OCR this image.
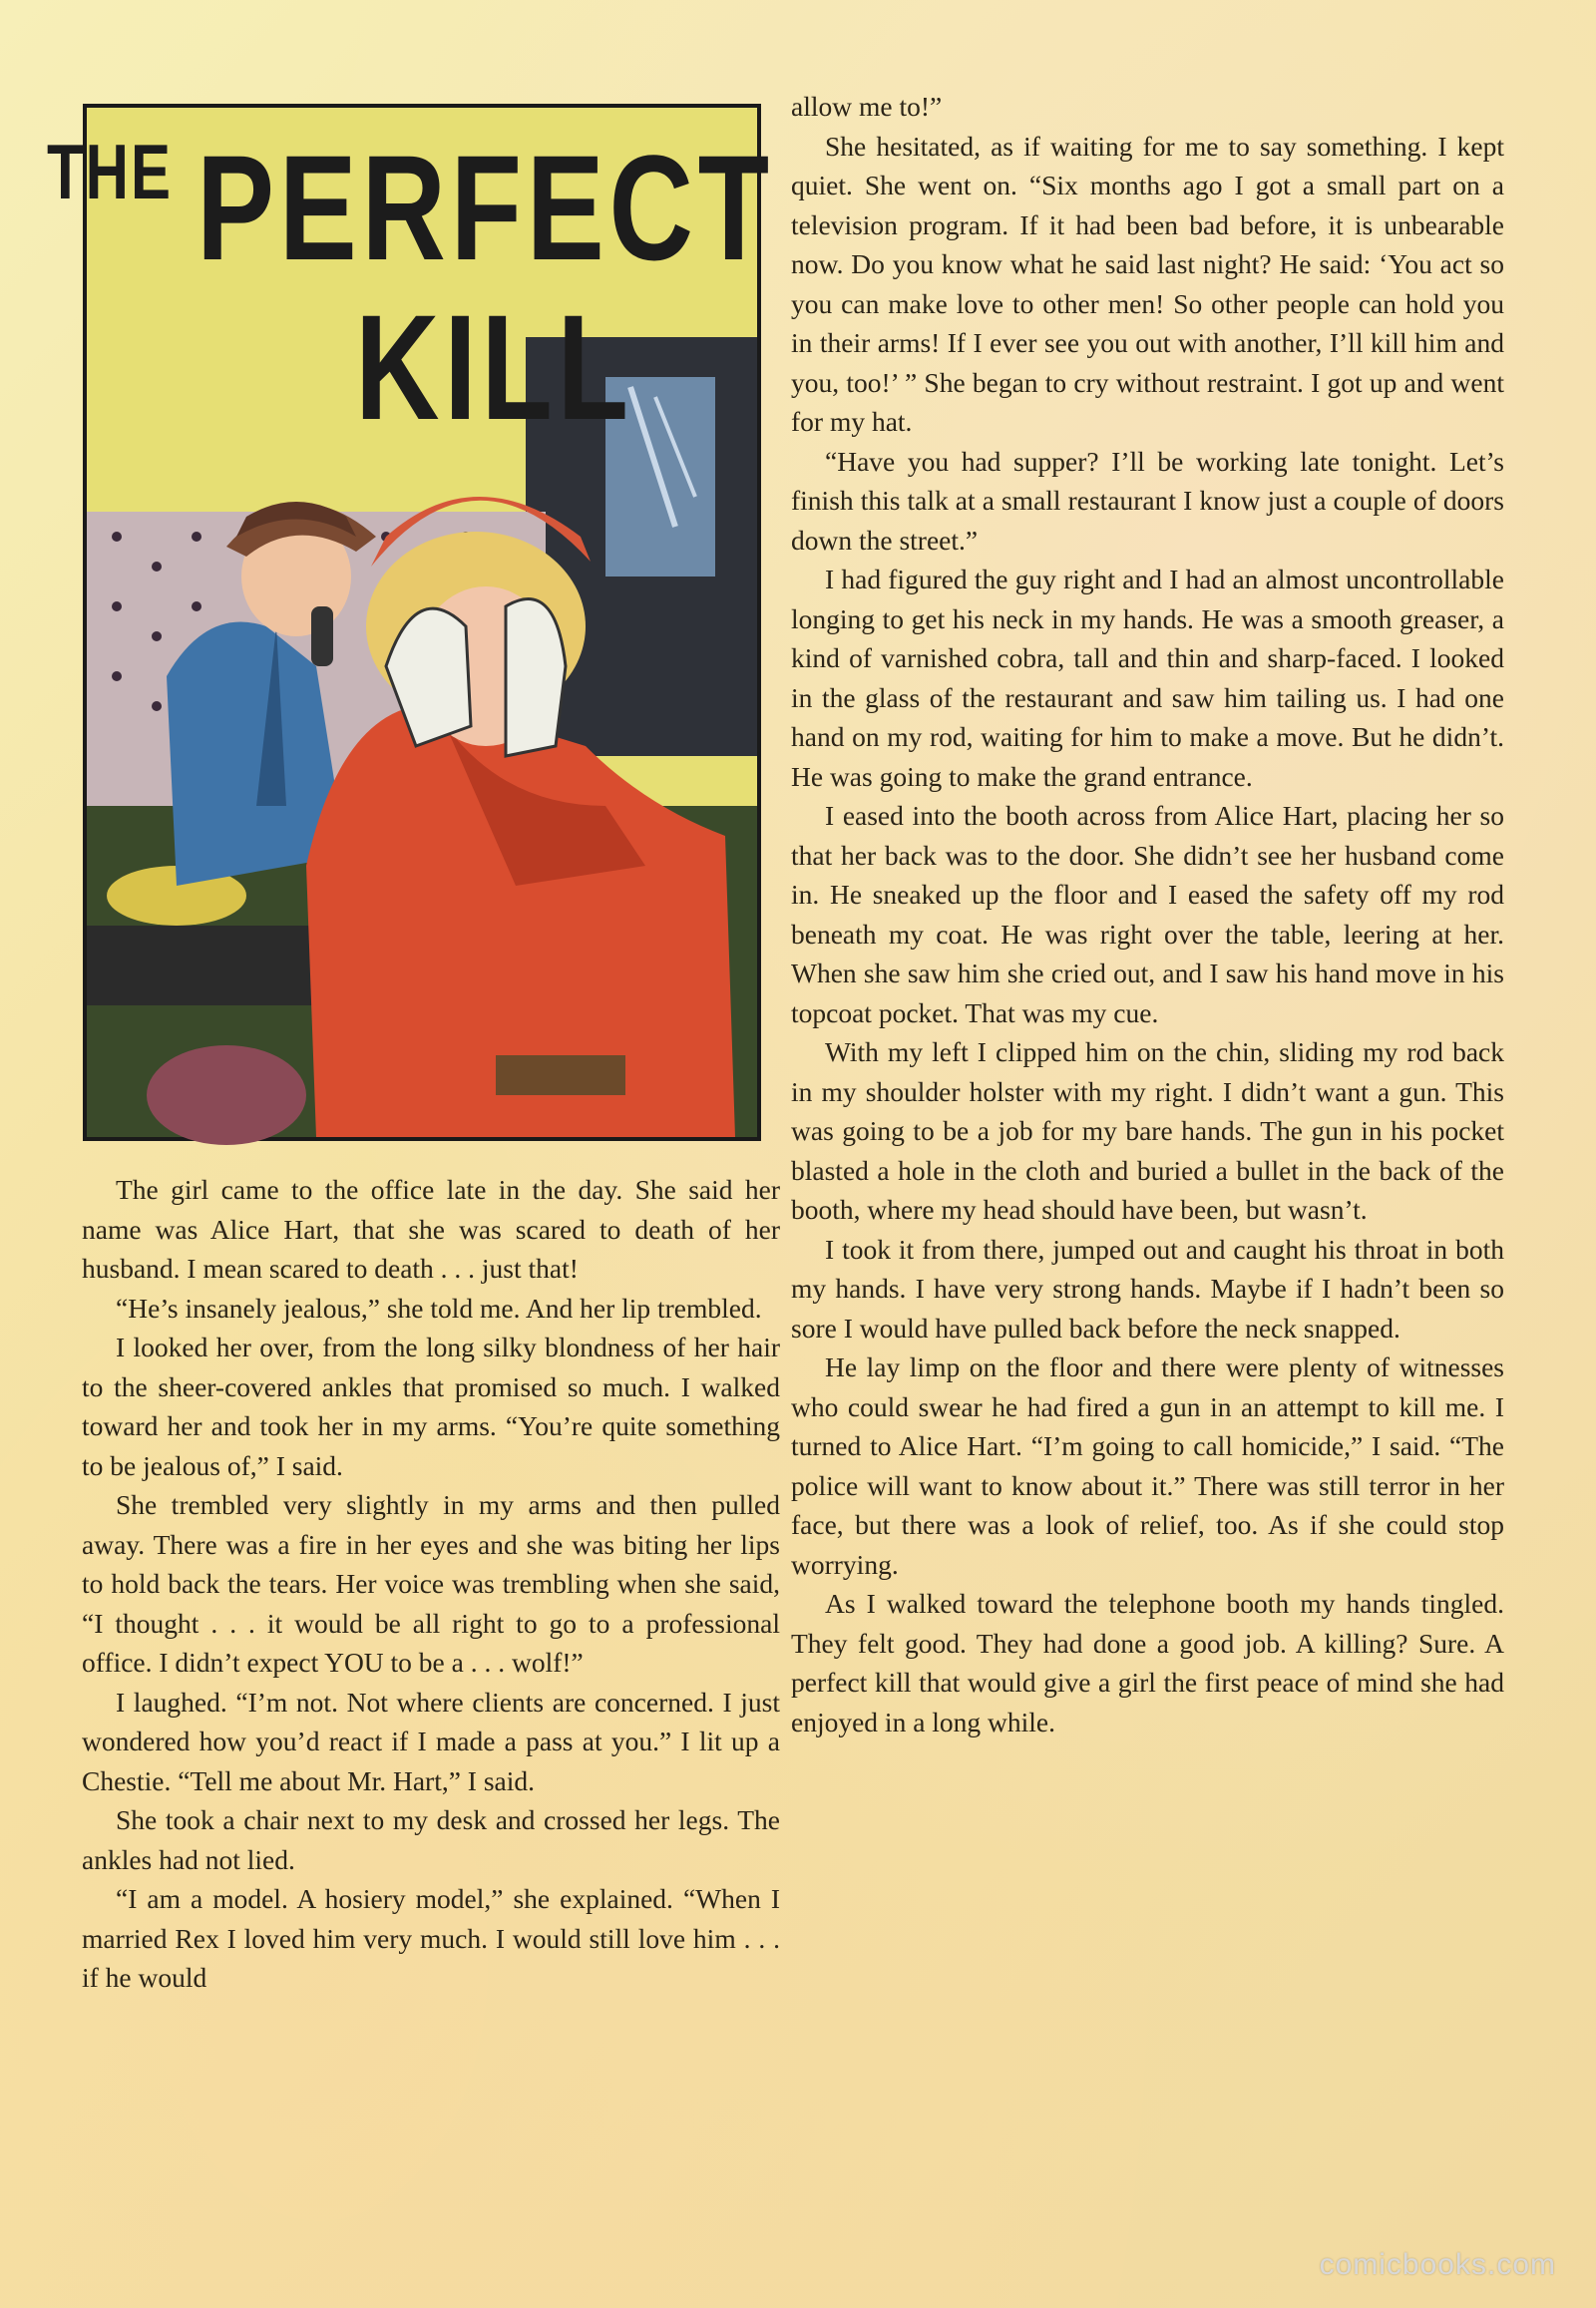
THE PERFECT
KILL

The girl came to the office late in the day. She said her name was Alice Hart, that she was scared to death of her husband. I mean scared to death . . . just that!

“He’s insanely jealous,” she told me. And her lip trembled.

I looked her over, from the long silky blondness of her hair to the sheer-covered ankles that promised so much. I walked toward her and took her in my arms. “You’re quite something to be jealous of,” I said.

She trembled very slightly in my arms and then pulled away. There was a fire in her eyes and she was biting her lips to hold back the tears. Her voice was trembling when she said, “I thought . . . it would be all right to go to a professional office. I didn’t expect YOU to be a . . . wolf!”

I laughed. “I’m not. Not where clients are concerned. I just wondered how you’d react if I made a pass at you.” I lit up a Chestie. “Tell me about Mr. Hart,” I said.

She took a chair next to my desk and crossed her legs. The ankles had not lied.

“I am a model. A hosiery model,” she explained. “When I married Rex I loved him very much. I would still love him . . . if he would

allow me to!”

She hesitated, as if waiting for me to say something. I kept quiet. She went on. “Six months ago I got a small part on a television program. If it had been bad before, it is unbearable now. Do you know what he said last night? He said: ‘You act so you can make love to other men! So other people can hold you in their arms! If I ever see you out with another, I’ll kill him and you, too!’ ” She began to cry without restraint. I got up and went for my hat.

“Have you had supper? I’ll be working late tonight. Let’s finish this talk at a small restaurant I know just a couple of doors down the street.”

I had figured the guy right and I had an almost uncontrollable longing to get his neck in my hands. He was a smooth greaser, a kind of varnished cobra, tall and thin and sharp-faced. I looked in the glass of the restaurant and saw him tailing us. I had one hand on my rod, waiting for him to make a move. But he didn’t. He was going to make the grand entrance.

I eased into the booth across from Alice Hart, placing her so that her back was to the door. She didn’t see her husband come in. He sneaked up the floor and I eased the safety off my rod beneath my coat. He was right over the table, leering at her. When she saw him she cried out, and I saw his hand move in his topcoat pocket. That was my cue.

With my left I clipped him on the chin, sliding my rod back in my shoulder holster with my right. I didn’t want a gun. This was going to be a job for my bare hands. The gun in his pocket blasted a hole in the cloth and buried a bullet in the back of the booth, where my head should have been, but wasn’t.

I took it from there, jumped out and caught his throat in both my hands. I have very strong hands. Maybe if I hadn’t been so sore I would have pulled back before the neck snapped.

He lay limp on the floor and there were plenty of witnesses who could swear he had fired a gun in an attempt to kill me. I turned to Alice Hart. “I’m going to call homicide,” I said. “The police will want to know about it.” There was still terror in her face, but there was a look of relief, too. As if she could stop worrying.

As I walked toward the telephone booth my hands tingled. They felt good. They had done a good job. A killing? Sure. A perfect kill that would give a girl the first peace of mind she had enjoyed in a long while.

comicbooks.com
